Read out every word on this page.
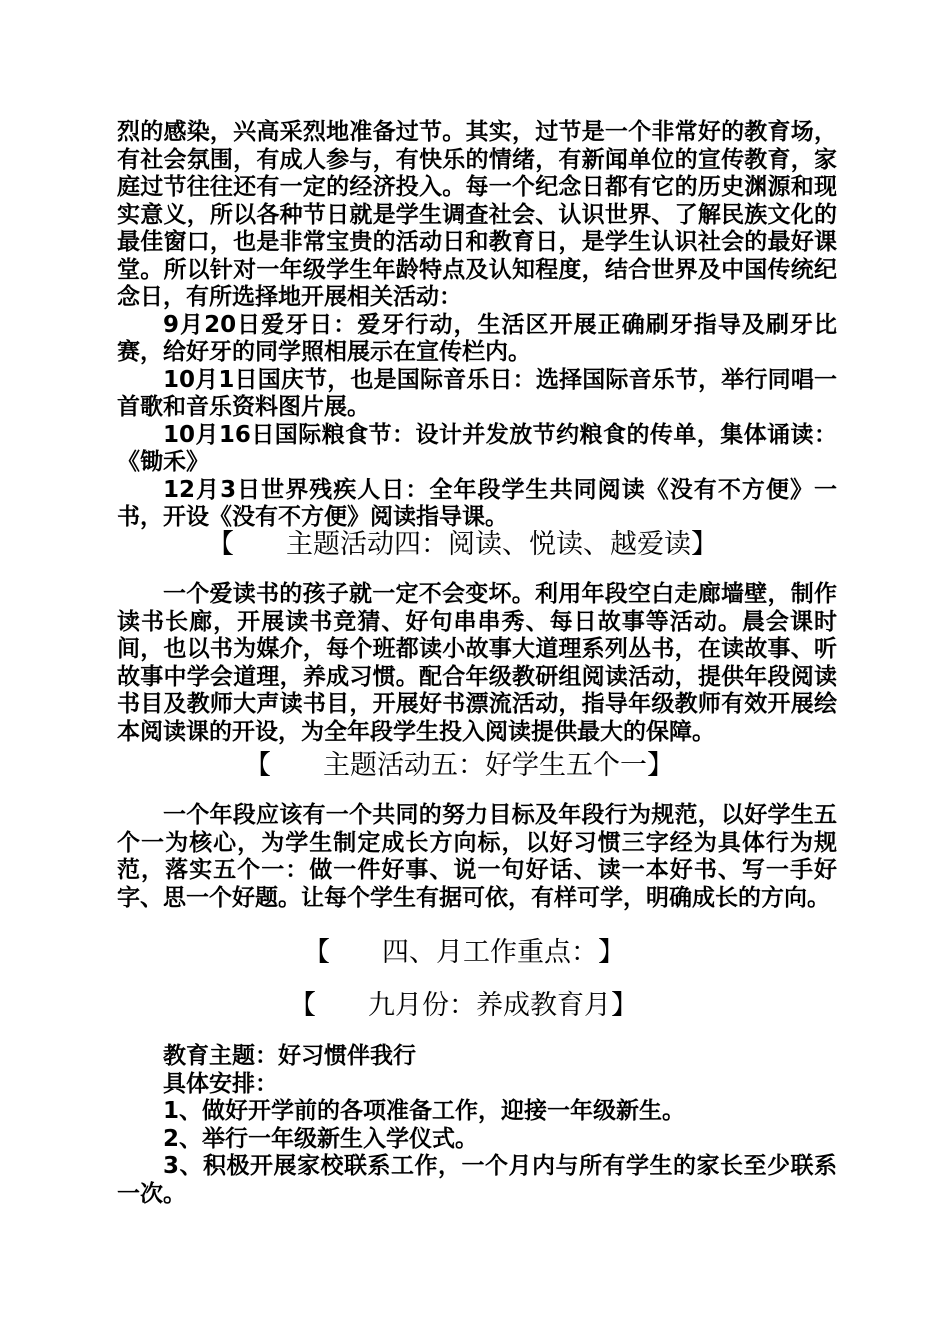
烈的感染，兴高采烈地准备过节。其实，过节是一个非常好的教育场，有社会氛围，有成人参与，有快乐的情绪，有新闻单位的宣传教育，家庭过节往往还有一定的经济投入。每一个纪念日都有它的历史渊源和现实意义，所以各种节日就是学生调查社会、认识世界、了解民族文化的最佳窗口，也是非常宝贵的活动日和教育日，是学生认识社会的最好课堂。所以针对一年级学生年龄特点及认知程度，结合世界及中国传统纪念日，有所选择地开展相关活动：

9月20日爱牙日：爱牙行动，生活区开展正确刷牙指导及刷牙比赛，给好牙的同学照相展示在宣传栏内。

10月1日国庆节，也是国际音乐日：选择国际音乐节，举行同唱一首歌和音乐资料图片展。

10月16日国际粮食节：设计并发放节约粮食的传单，集体诵读：《锄禾》

12月3日世界残疾人日：全年段学生共同阅读《没有不方便》一书，开设《没有不方便》阅读指导课。

【 主题活动四：阅读、悦读、越爱读】

一个爱读书的孩子就一定不会变坏。利用年段空白走廊墙壁，制作读书长廊，开展读书竞猜、好句串串秀、每日故事等活动。晨会课时间，也以书为媒介，每个班都读小故事大道理系列丛书，在读故事、听故事中学会道理，养成习惯。配合年级教研组阅读活动，提供年段阅读书目及教师大声读书目，开展好书漂流活动，指导年级教师有效开展绘本阅读课的开设，为全年段学生投入阅读提供最大的保障。

【 主题活动五：好学生五个一】

一个年段应该有一个共同的努力目标及年段行为规范，以好学生五个一为核心，为学生制定成长方向标，以好习惯三字经为具体行为规范，落实五个一：做一件好事、说一句好话、读一本好书、写一手好字、思一个好题。让每个学生有据可依，有样可学，明确成长的方向。

【 四、月工作重点：】
【 九月份：养成教育月】

教育主题：好习惯伴我行

具体安排：

1、做好开学前的各项准备工作，迎接一年级新生。

2、举行一年级新生入学仪式。

3、积极开展家校联系工作，一个月内与所有学生的家长至少联系一次。
